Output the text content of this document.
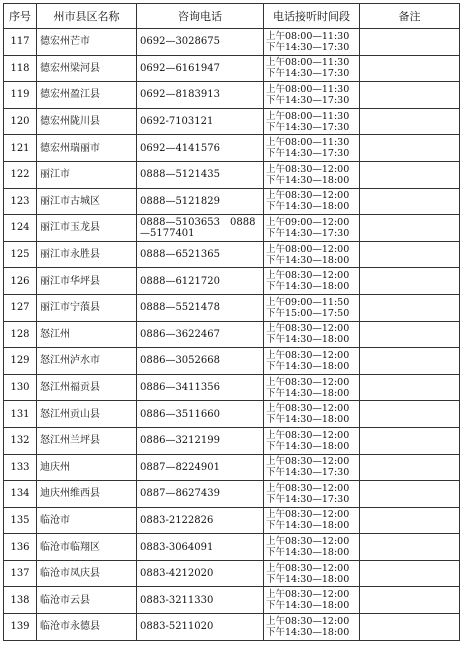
序号	州市县区名称	咨询电话	电话接听时间段	备注
117	德宏州芒市	0692—3028675	上午08:00—11:30
下午14:30—17:30	

118	德宏州梁河县	0692—6161947	上午08:00—11:30
下午14:30—17:30	

119	德宏州盈江县	0692—8183913	上午08:00—11:30
下午14:30—17:30	

120	德宏州陇川县	0692-7103121	上午08:00—11:30
下午14:30—17:30	

121	德宏州瑞丽市	0692—4141576	上午08:00—11:30
下午14:30—17:30	

122	丽江市	0888—5121435	上午08:30—12:00
下午14:30—18:00	

123	丽江市古城区	0888—5121829	上午08:30—12:00
下午14:30—18:00	

124	丽江市玉龙县	0888—5103653　0888—5177401	上午09:00—12:00
下午14:30—17:30	

125	丽江市永胜县	0888—6521365	上午08:00—12:00
下午14:30—18:00	

126	丽江市华坪县	0888—6121720	上午08:30—12:00
下午14:30—18:00	

127	丽江市宁蒗县	0888—5521478	上午09:00—11:50
下午15:00—17:50	

128	怒江州	0886—3622467	上午08:30—12:00
下午14:30—18:00	

129	怒江州泸水市	0886—3052668	上午08:30—12:00
下午14:30—18:00	

130	怒江州福贡县	0886—3411356	上午08:30—12:00
下午14:30—18:00	

131	怒江州贡山县	0886—3511660	上午08:30—12:00
下午14:30—18:00	

132	怒江州兰坪县	0886—3212199	上午08:30—12:00
下午14:30—18:00	

133	迪庆州	0887—8224901	上午08:30—12:00
下午14:30—17:30	

134	迪庆州维西县	0887—8627439	上午08:30—12:00
下午14:30—17:30	

135	临沧市	0883-2122826	上午08:30—12:00
下午14:30—18:00	

136	临沧市临翔区	0883-3064091	上午08:30—12:00
下午14:30—18:00	

137	临沧市凤庆县	0883-4212020	上午08:30—12:00
下午14:30—18:00	

138	临沧市云县	0883-3211330	上午08:30—12:00
下午14:30—18:00	

139	临沧市永德县	0883-5211020	上午08:30—12:00
下午14:30—18:00	
